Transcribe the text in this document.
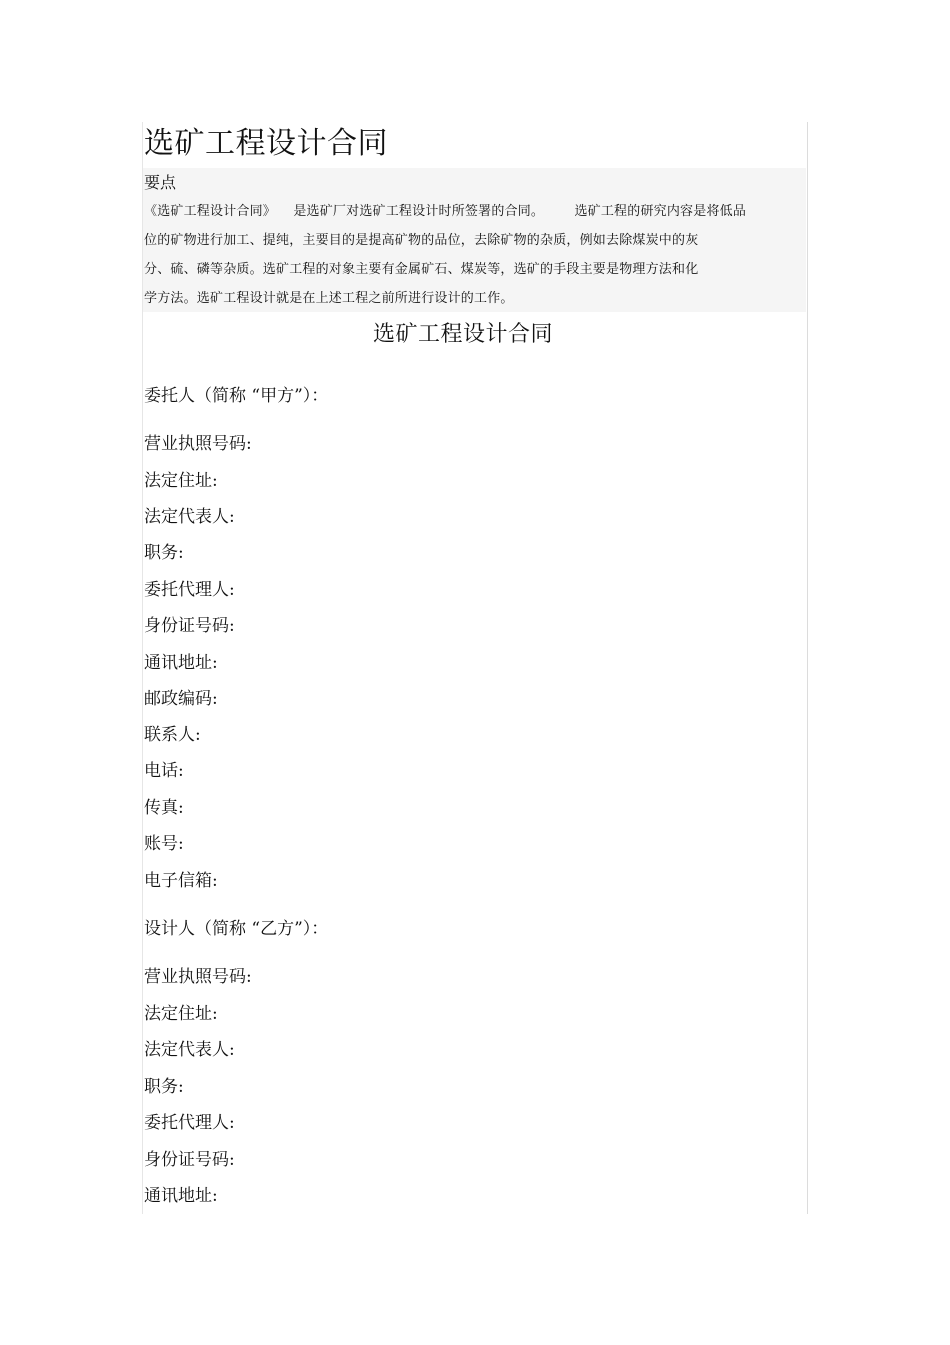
选矿工程设计合同
要点
《选矿工程设计合同》    是选矿厂对选矿工程设计时所签署的合同。       选矿工程的研究内容是将低品
位的矿物进行加工、提纯，主要目的是提高矿物的品位，去除矿物的杂质，例如去除煤炭中的灰
分、硫、磷等杂质。选矿工程的对象主要有金属矿石、煤炭等，选矿的手段主要是物理方法和化
学方法。选矿工程设计就是在上述工程之前所进行设计的工作。
选矿工程设计合同
委托人（简称 “甲方”）：
营业执照号码:
法定住址:
法定代表人:
职务:
委托代理人:
身份证号码:
通讯地址:
邮政编码:
联系人:
电话:
传真:
账号:
电子信箱:
设计人（简称 “乙方”）：
营业执照号码:
法定住址:
法定代表人:
职务:
委托代理人:
身份证号码:
通讯地址:
